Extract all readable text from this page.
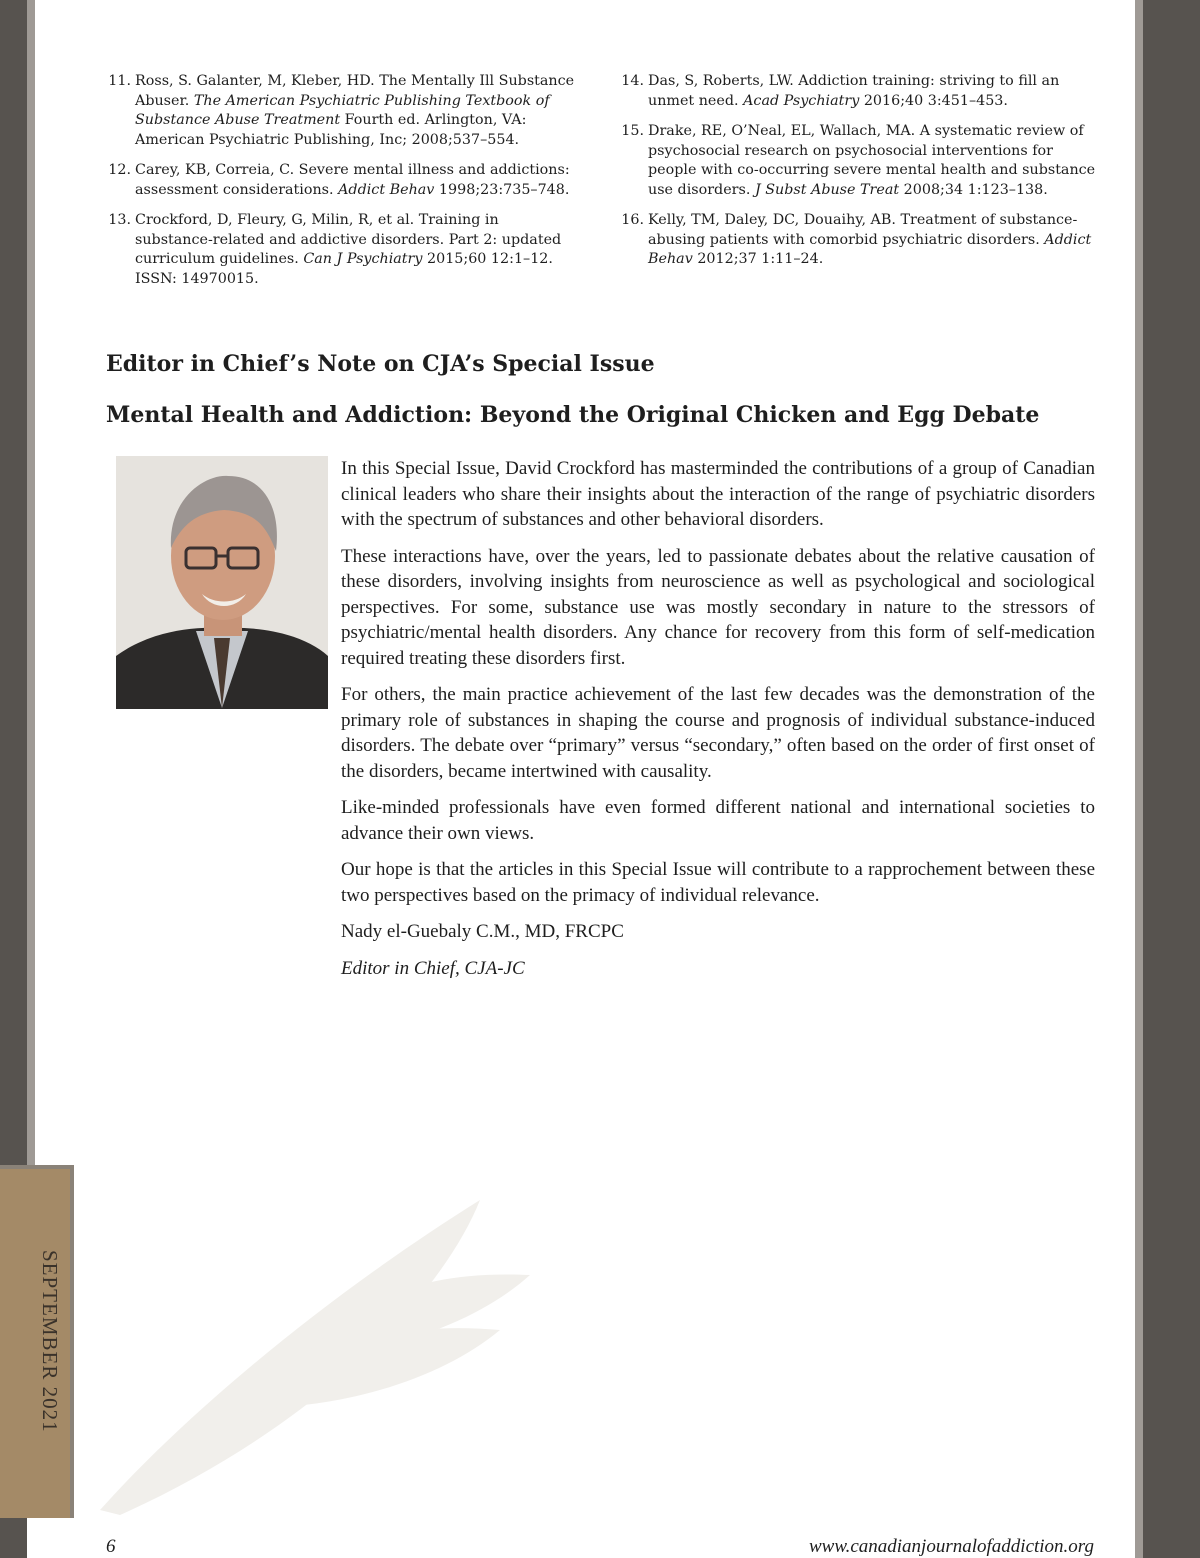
SEPTEMBER 2021
11. Ross, S. Galanter, M, Kleber, HD. The Mentally Ill Substance Abuser. The American Psychiatric Publishing Textbook of Substance Abuse Treatment Fourth ed. Arlington, VA: American Psychiatric Publishing, Inc; 2008;537–554.
12. Carey, KB, Correia, C. Severe mental illness and addictions: assessment considerations. Addict Behav 1998;23:735–748.
13. Crockford, D, Fleury, G, Milin, R, et al. Training in substance-related and addictive disorders. Part 2: updated curriculum guidelines. Can J Psychiatry 2015;60 12:1–12. ISSN: 14970015.
14. Das, S, Roberts, LW. Addiction training: striving to fill an unmet need. Acad Psychiatry 2016;40 3:451–453.
15. Drake, RE, O’Neal, EL, Wallach, MA. A systematic review of psychosocial research on psychosocial interventions for people with co-occurring severe mental health and substance use disorders. J Subst Abuse Treat 2008;34 1:123–138.
16. Kelly, TM, Daley, DC, Douaihy, AB. Treatment of substance-abusing patients with comorbid psychiatric disorders. Addict Behav 2012;37 1:11–24.
Editor in Chief’s Note on CJA’s Special Issue
Mental Health and Addiction: Beyond the Original Chicken and Egg Debate

In this Special Issue, David Crockford has masterminded the contributions of a group of Canadian clinical leaders who share their insights about the interaction of the range of psychiatric disorders with the spectrum of substances and other behavioral disorders.

These interactions have, over the years, led to passionate debates about the relative causation of these disorders, involving insights from neuroscience as well as psychological and sociological perspectives. For some, substance use was mostly secondary in nature to the stressors of psychiatric/mental health disorders. Any chance for recovery from this form of self-medication required treating these disorders first.

For others, the main practice achievement of the last few decades was the demonstration of the primary role of substances in shaping the course and prognosis of individual substance-induced disorders. The debate over “primary” versus “secondary,” often based on the order of first onset of the disorders, became intertwined with causality.

Like-minded professionals have even formed different national and international societies to advance their own views.

Our hope is that the articles in this Special Issue will contribute to a rapprochement between these two perspectives based on the primacy of individual relevance.

Nady el-Guebaly C.M., MD, FRCPC

Editor in Chief, CJA-JC

6	www.canadianjournalofaddiction.org
